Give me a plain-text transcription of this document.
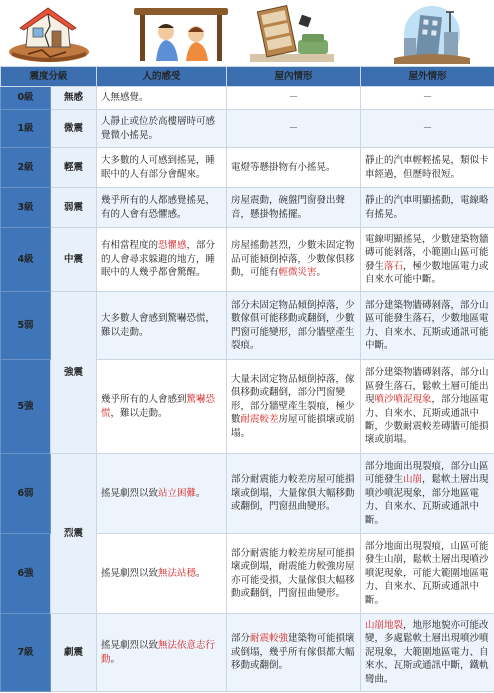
震度分級		人的感受	屋內情形	屋外情形
0級	無感	人無感覺。	－	－
1級	微震	人靜止或位於高樓層時可感覺微小搖晃。	－	－
2級	輕震	大多數的人可感到搖晃，睡眠中的人有部分會醒來。	電燈等懸掛物有小搖晃。	靜止的汽車輕輕搖晃，類似卡車經過，但歷時很短。
3級	弱震	幾乎所有的人都感覺搖晃，有的人會有恐懼感。	房屋震動，碗盤門窗發出聲音，懸掛物搖擺。	靜止的汽車明顯搖動，電線略有搖晃。
4級	中震	有相當程度的恐懼感，部分的人會尋求躲避的地方，睡眠中的人幾乎都會驚醒。	房屋搖動甚烈，少數未固定物品可能傾倒掉落，少數傢俱移動，可能有輕微災害。	電線明顯搖晃，少數建築物牆磚可能剝落，小範圍山區可能發生落石，極少數地區電力或自來水可能中斷。
5弱	強震	大多數人會感到驚嚇恐慌，難以走動。	部分未固定物品傾倒掉落，少數傢俱可能移動或翻倒，少數門窗可能變形，部分牆壁產生裂痕。	部分建築物牆磚剝落，部分山區可能發生落石，少數地區電力、自來水、瓦斯或通訊可能中斷。
5強		幾乎所有的人會感到驚嚇恐慌，難以走動。	大量未固定物品傾倒掉落，傢俱移動或翻倒，部分門窗變形，部分牆壁產生裂痕，極少數耐震較差房屋可能損壞或崩塌。	部分建築物牆磚剝落，部分山區發生落石，鬆軟土層可能出現噴沙噴泥現象，部分地區電力、自來水、瓦斯或通訊中斷，少數耐震較差磚牆可能損壞或崩塌。
6弱	烈震	搖晃劇烈以致站立困難。	部分耐震能力較差房屋可能損壞或倒塌，大量傢俱大幅移動或翻倒，門窗扭曲變形。	部分地面出現裂痕，部分山區可能發生山崩，鬆軟土層出現噴沙噴泥現象，部分地區電力、自來水、瓦斯或通訊中斷。
6強		搖晃劇烈以致無法站穩。	部分耐震能力較差房屋可能損壞或倒塌，耐震能力較強房屋亦可能受損，大量傢俱大幅移動或翻倒，門窗扭曲變形。	部分地面出現裂痕，山區可能發生山崩，鬆軟土層出現噴沙噴泥現象，可能大範圍地區電力、自來水、瓦斯或通訊中斷。
7級	劇震	搖晃劇烈以致無法依意志行動。	部分耐震較強建築物可能損壞或倒塌，幾乎所有傢俱都大幅移動或翻倒。	山崩地裂，地形地貌亦可能改變，多處鬆軟土層出現噴沙噴泥現象，大範圍地區電力、自來水、瓦斯或通訊中斷，鐵軌彎曲。
